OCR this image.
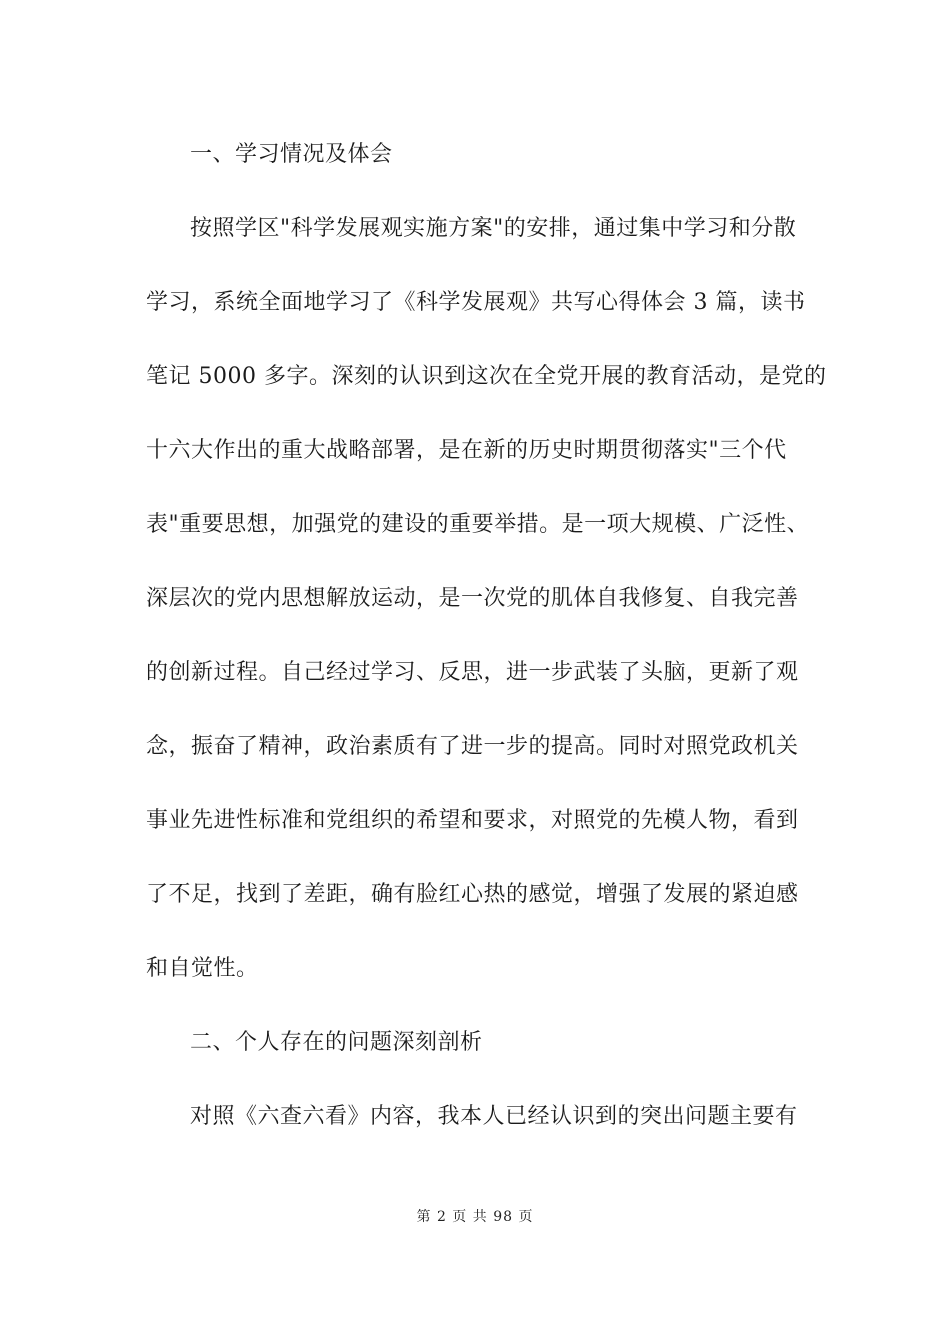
一、学习情况及体会
按照学区"科学发展观实施方案"的安排，通过集中学习和分散
学习，系统全面地学习了《科学发展观》共写心得体会 3 篇，读书
笔记 5000 多字。深刻的认识到这次在全党开展的教育活动，是党的
十六大作出的重大战略部署，是在新的历史时期贯彻落实"三个代
表"重要思想，加强党的建设的重要举措。是一项大规模、广泛性、
深层次的党内思想解放运动，是一次党的肌体自我修复、自我完善
的创新过程。自己经过学习、反思，进一步武装了头脑，更新了观
念，振奋了精神，政治素质有了进一步的提高。同时对照党政机关
事业先进性标准和党组织的希望和要求，对照党的先模人物，看到
了不足，找到了差距，确有脸红心热的感觉，增强了发展的紧迫感
和自觉性。
二、个人存在的问题深刻剖析
对照《六查六看》内容，我本人已经认识到的突出问题主要有
第 2 页 共 98 页
